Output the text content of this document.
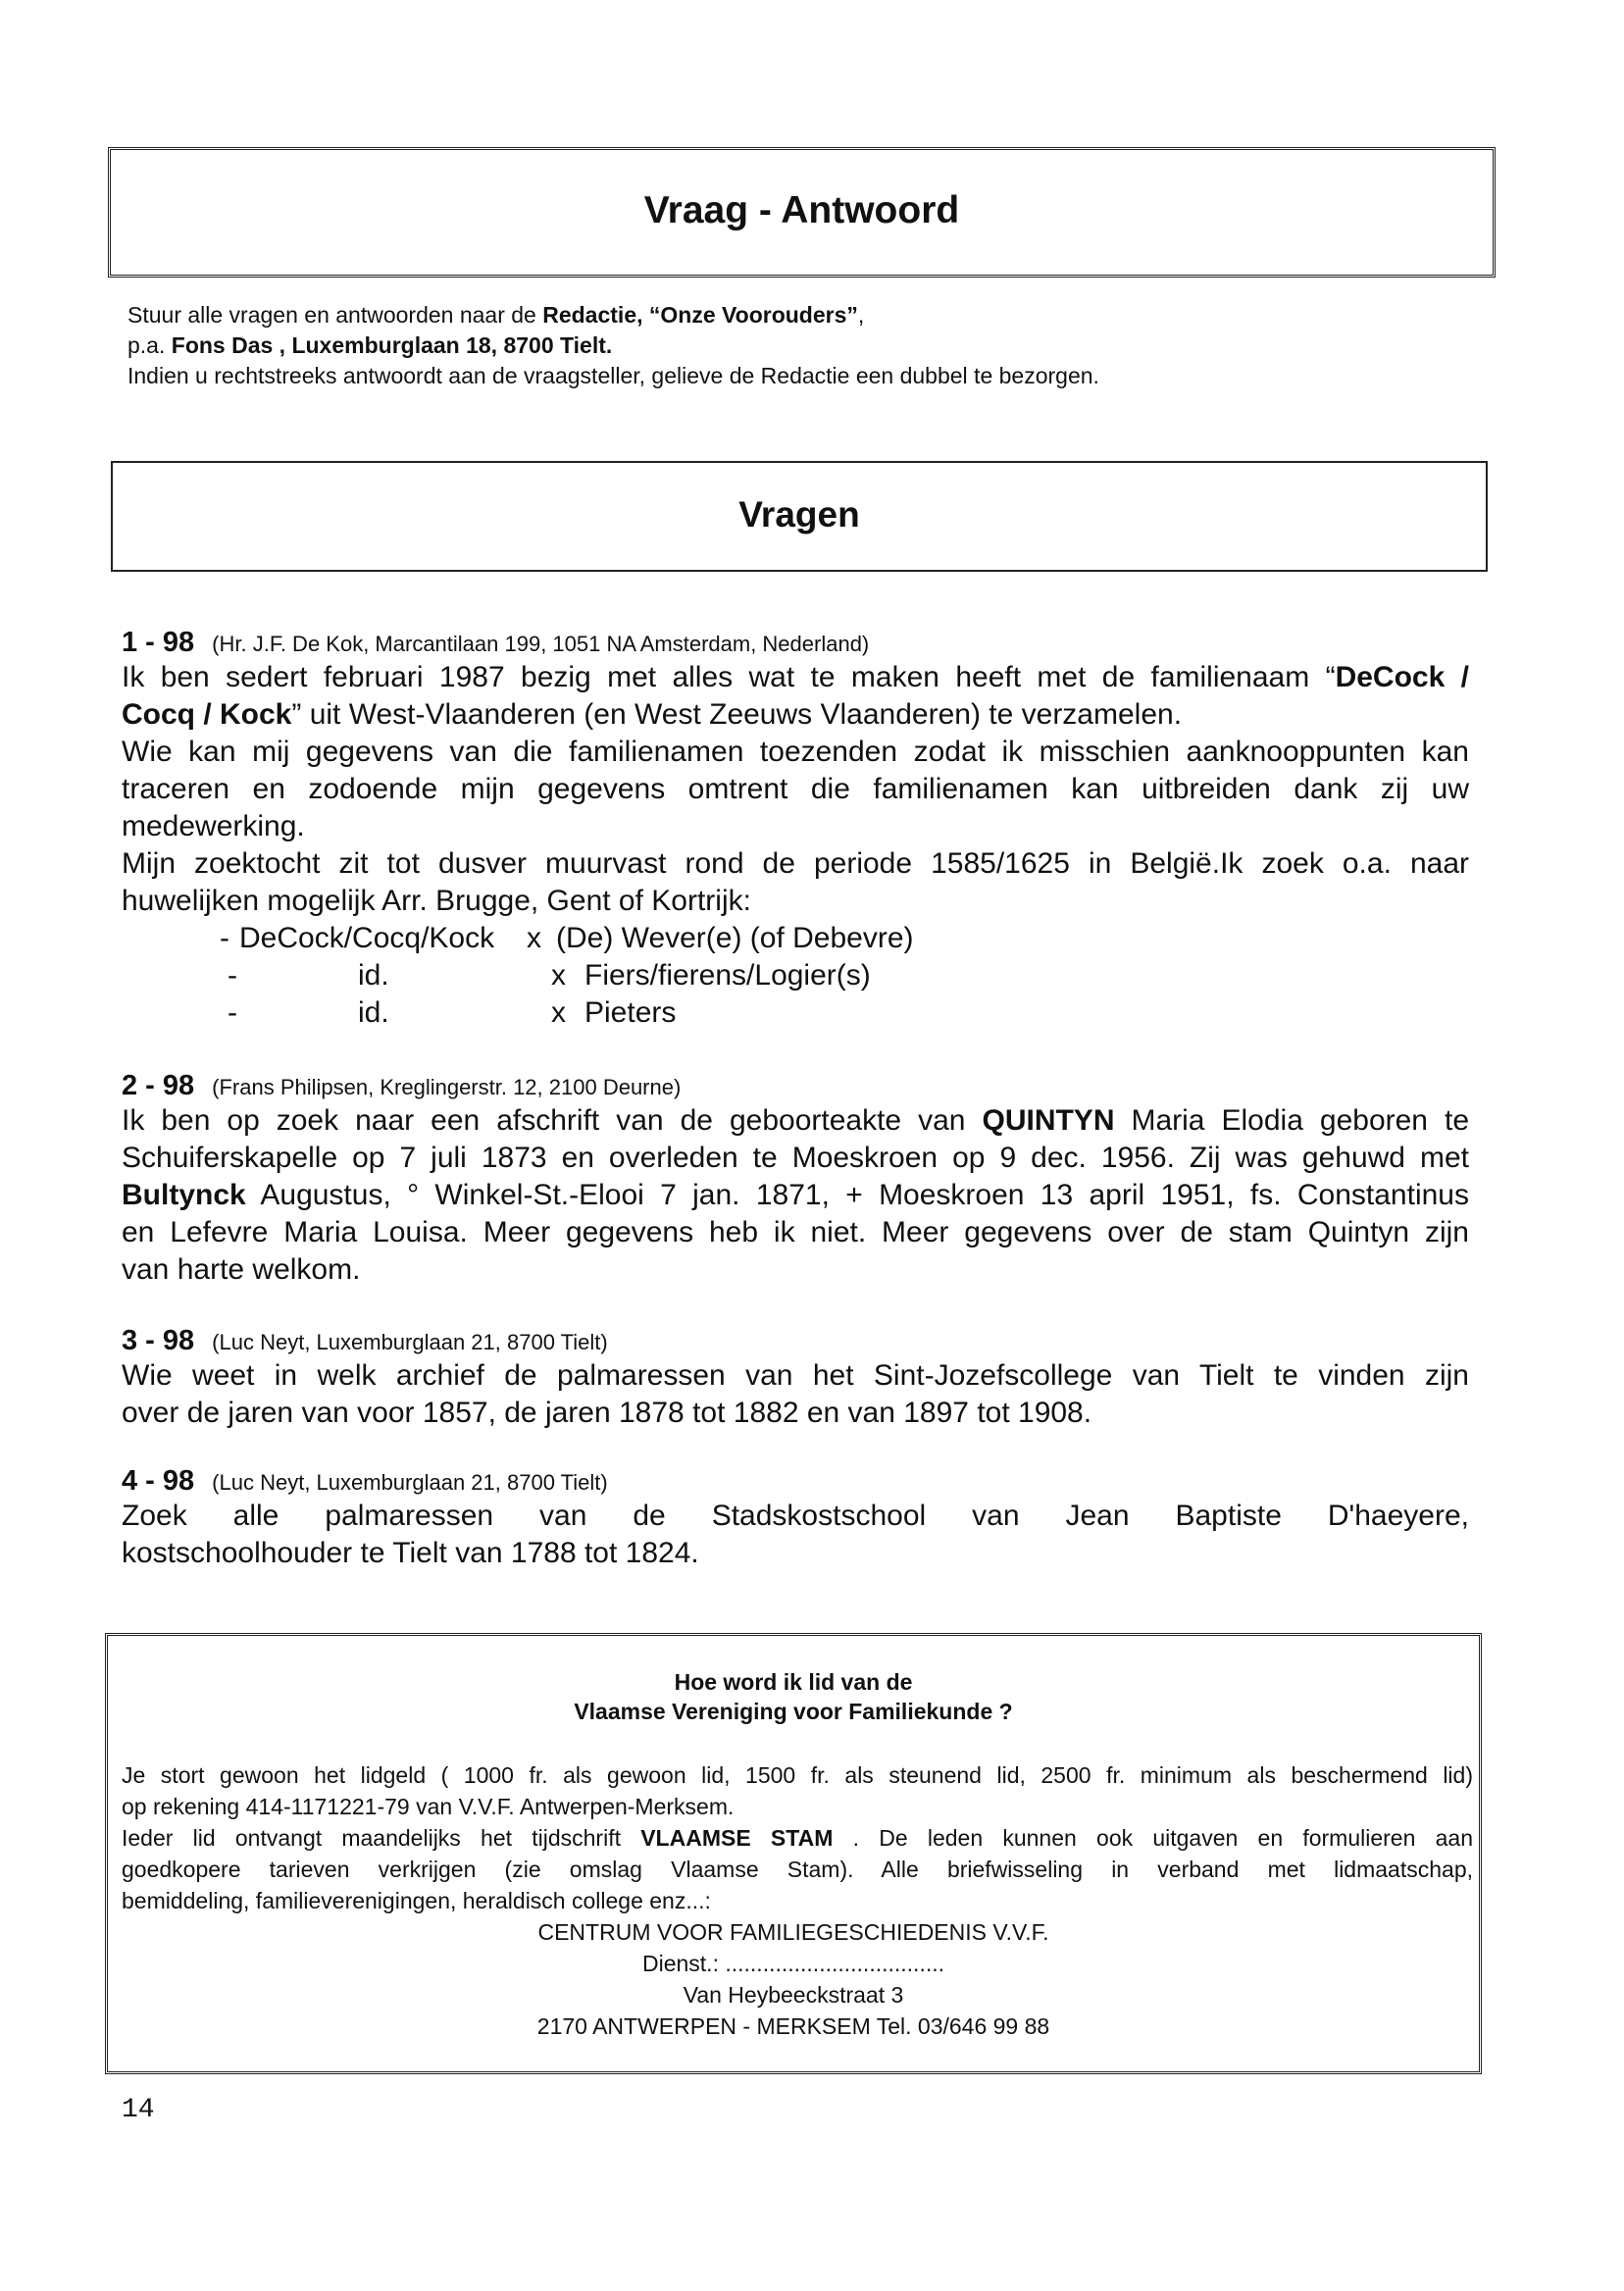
Vraag - Antwoord
Stuur alle vragen en antwoorden naar de Redactie, “Onze Voorouders”,
p.a. Fons Das , Luxemburglaan 18, 8700 Tielt.
Indien u rechtstreeks antwoordt aan de vraagsteller, gelieve de Redactie een dubbel te bezorgen.
Vragen
1 - 98 (Hr. J.F. De Kok, Marcantilaan 199, 1051 NA Amsterdam, Nederland)
Ik ben sedert februari 1987 bezig met alles wat te maken heeft met de familienaam “DeCock /
Cocq / Kock” uit West-Vlaanderen (en West Zeeuws Vlaanderen) te verzamelen.
Wie kan mij gegevens van die familienamen toezenden zodat ik misschien aanknooppunten kan
traceren en zodoende mijn gegevens omtrent die familienamen kan uitbreiden dank zij uw
medewerking.
Mijn zoektocht zit tot dusver muurvast rond de periode 1585/1625 in België.Ik zoek o.a. naar
huwelijken mogelijk Arr. Brugge, Gent of Kortrijk:
- DeCock/Cocq/Kock x (De) Wever(e) (of Debevre)
-	id.	x Fiers/fierens/Logier(s)
-	id.	x Pieters
2 - 98 (Frans Philipsen, Kreglingerstr. 12, 2100 Deurne)
Ik ben op zoek naar een afschrift van de geboorteakte van QUINTYN Maria Elodia geboren te
Schuiferskapelle op 7 juli 1873 en overleden te Moeskroen op 9 dec. 1956. Zij was gehuwd met
Bultynck Augustus, ° Winkel-St.-Elooi 7 jan. 1871, + Moeskroen 13 april 1951, fs. Constantinus
en Lefevre Maria Louisa. Meer gegevens heb ik niet. Meer gegevens over de stam Quintyn zijn
van harte welkom.
3 - 98 (Luc Neyt, Luxemburglaan 21, 8700 Tielt)
Wie weet in welk archief de palmaressen van het Sint-Jozefscollege van Tielt te vinden zijn
over de jaren van voor 1857, de jaren 1878 tot 1882 en van 1897 tot 1908.
4 - 98 (Luc Neyt, Luxemburglaan 21, 8700 Tielt)
Zoek alle palmaressen van de Stadskostschool van Jean Baptiste D'haeyere,
kostschoolhouder te Tielt van 1788 tot 1824.
Hoe word ik lid van de
Vlaamse Vereniging voor Familiekunde ?
Je stort gewoon het lidgeld ( 1000 fr. als gewoon lid, 1500 fr. als steunend lid, 2500 fr. minimum als beschermend lid)
op rekening 414-1171221-79 van V.V.F. Antwerpen-Merksem.
Ieder lid ontvangt maandelijks het tijdschrift VLAAMSE STAM . De leden kunnen ook uitgaven en formulieren aan
goedkopere tarieven verkrijgen (zie omslag Vlaamse Stam). Alle briefwisseling in verband met lidmaatschap,
bemiddeling, familieverenigingen, heraldisch college enz...:
CENTRUM VOOR FAMILIEGESCHIEDENIS V.V.F.
Dienst.: ...................................
Van Heybeeckstraat 3
2170 ANTWERPEN - MERKSEM Tel. 03/646 99 88
14
